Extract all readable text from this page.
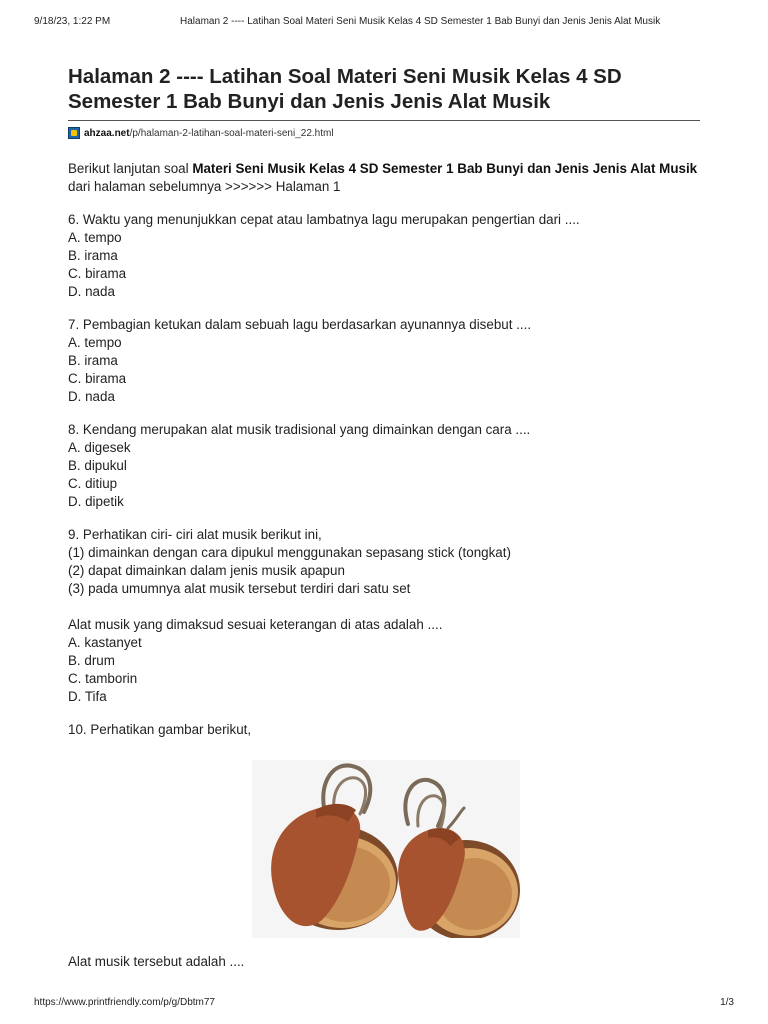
9/18/23, 1:22 PM	Halaman 2 ---- Latihan Soal Materi Seni Musik Kelas 4 SD Semester 1 Bab Bunyi dan Jenis Jenis Alat Musik
Halaman 2 ---- Latihan Soal Materi Seni Musik Kelas 4 SD
Semester 1 Bab Bunyi dan Jenis Jenis Alat Musik
ahzaa.net /p/halaman-2-latihan-soal-materi-seni_22.html

Berikut lanjutan soal Materi Seni Musik Kelas 4 SD Semester 1 Bab Bunyi dan Jenis Jenis Alat Musik dari halaman sebelumnya >>>>>> Halaman 1

6. Waktu yang menunjukkan cepat atau lambatnya lagu merupakan pengertian dari ....
A. tempo
B. irama
C. birama
D. nada

7. Pembagian ketukan dalam sebuah lagu berdasarkan ayunannya disebut ....
A. tempo
B. irama
C. birama
D. nada

8. Kendang merupakan alat musik tradisional yang dimainkan dengan cara ....
A. digesek
B. dipukul
C. ditiup
D. dipetik

9. Perhatikan ciri- ciri alat musik berikut ini,
(1) dimainkan dengan cara dipukul menggunakan sepasang stick (tongkat)
(2) dapat dimainkan dalam jenis musik apapun
(3) pada umumnya alat musik tersebut terdiri dari satu set

Alat musik yang dimaksud sesuai keterangan di atas adalah ....
A. kastanyet
B. drum
C. tamborin
D. Tifa

10. Perhatikan gambar berikut,

Alat musik tersebut adalah ....

https://www.printfriendly.com/p/g/Dbtm77	1/3
